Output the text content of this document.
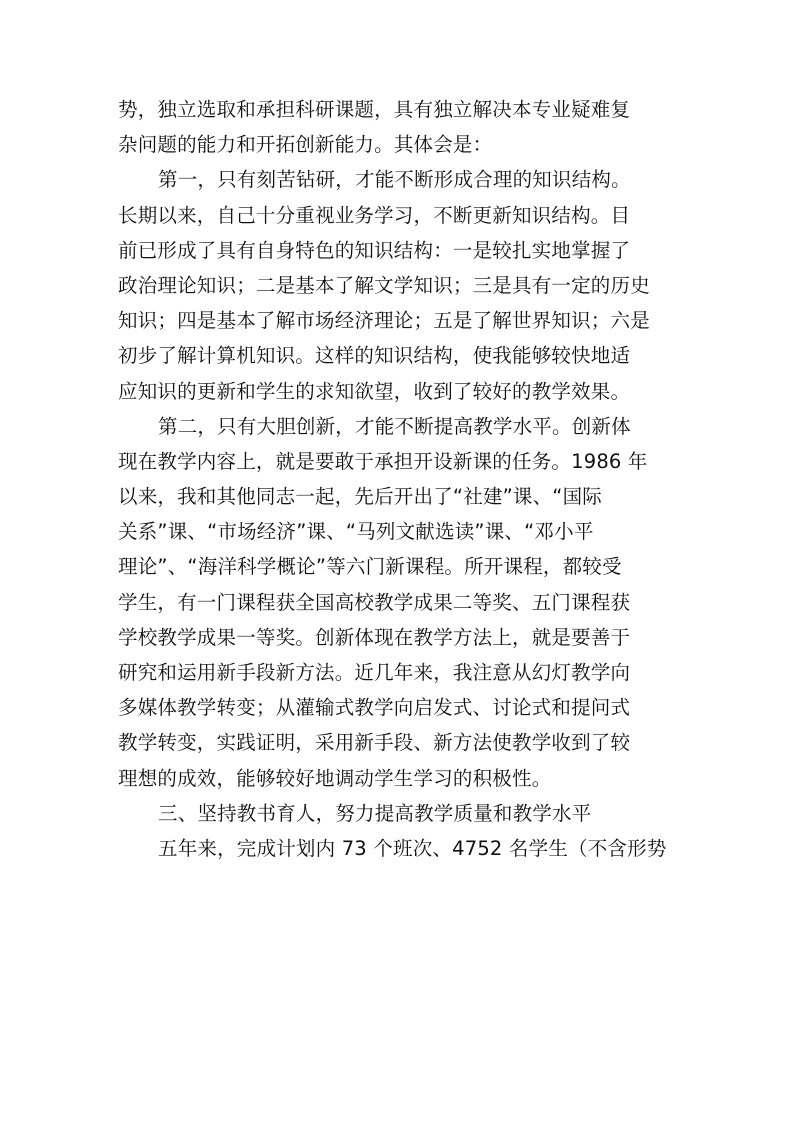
势，独立选取和承担科研课题，具有独立解决本专业疑难复
杂问题的能力和开拓创新能力。其体会是：
第一，只有刻苦钻研，才能不断形成合理的知识结构。
长期以来，自己十分重视业务学习，不断更新知识结构。目
前已形成了具有自身特色的知识结构：一是较扎实地掌握了
政治理论知识；二是基本了解文学知识；三是具有一定的历史
知识；四是基本了解市场经济理论；五是了解世界知识；六是
初步了解计算机知识。这样的知识结构，使我能够较快地适
应知识的更新和学生的求知欲望，收到了较好的教学效果。
第二，只有大胆创新，才能不断提高教学水平。创新体
现在教学内容上，就是要敢于承担开设新课的任务。1986 年
以来，我和其他同志一起，先后开出了“社建”课、“国际
关系”课、“市场经济”课、“马列文献选读”课、“邓小平
理论”、“海洋科学概论”等六门新课程。所开课程，都较受
学生，有一门课程获全国高校教学成果二等奖、五门课程获
学校教学成果一等奖。创新体现在教学方法上，就是要善于
研究和运用新手段新方法。近几年来，我注意从幻灯教学向
多媒体教学转变；从灌输式教学向启发式、讨论式和提问式
教学转变，实践证明，采用新手段、新方法使教学收到了较
理想的成效，能够较好地调动学生学习的积极性。
三、坚持教书育人，努力提高教学质量和教学水平
五年来，完成计划内 73 个班次、4752 名学生（不含形势
